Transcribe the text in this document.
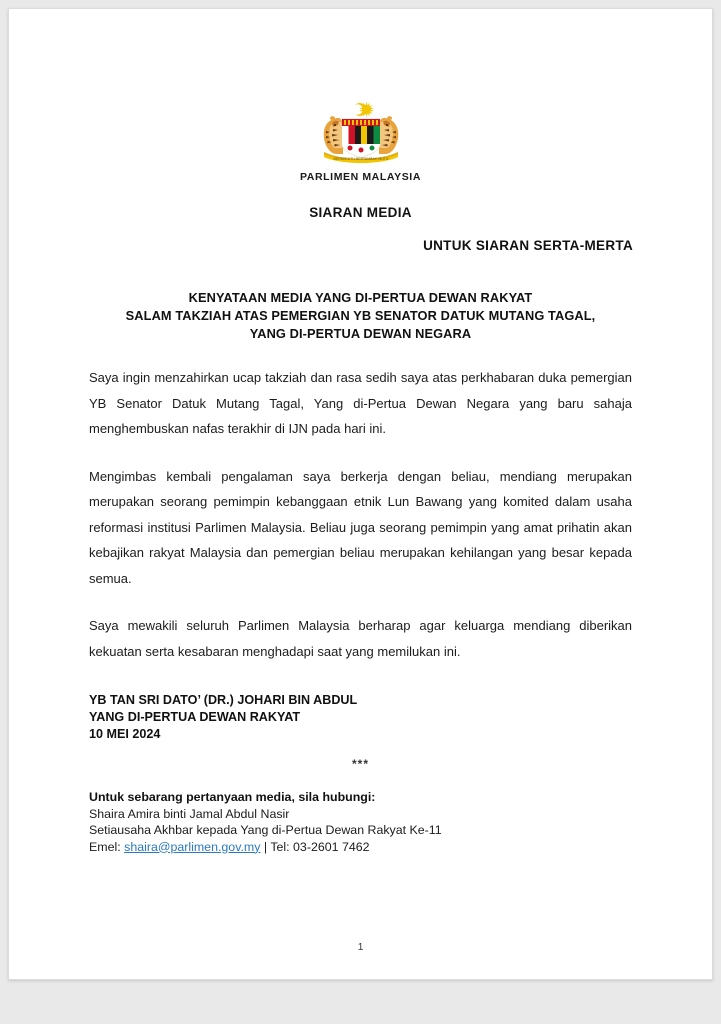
BERSEKUTU BERTAMBAH MUTU
PARLIMEN MALAYSIA
SIARAN MEDIA
UNTUK SIARAN SERTA-MERTA
KENYATAAN MEDIA YANG DI-PERTUA DEWAN RAKYAT
SALAM TAKZIAH ATAS PEMERGIAN YB SENATOR DATUK MUTANG TAGAL,
YANG DI-PERTUA DEWAN NEGARA

Saya ingin menzahirkan ucap takziah dan rasa sedih saya atas perkhabaran duka pemergian YB Senator Datuk Mutang Tagal, Yang di-Pertua Dewan Negara yang baru sahaja menghembuskan nafas terakhir di IJN pada hari ini.

Mengimbas kembali pengalaman saya berkerja dengan beliau, mendiang merupakan merupakan seorang pemimpin kebanggaan etnik Lun Bawang yang komited dalam usaha reformasi institusi Parlimen Malaysia. Beliau juga seorang pemimpin yang amat prihatin akan kebajikan rakyat Malaysia dan pemergian beliau merupakan kehilangan yang besar kepada semua.

Saya mewakili seluruh Parlimen Malaysia berharap agar keluarga mendiang diberikan kekuatan serta kesabaran menghadapi saat yang memilukan ini.

YB TAN SRI DATO’ (DR.) JOHARI BIN ABDUL
YANG DI-PERTUA DEWAN RAKYAT
10 MEI 2024
***
Untuk sebarang pertanyaan media, sila hubungi:
Shaira Amira binti Jamal Abdul Nasir
Setiausaha Akhbar kepada Yang di-Pertua Dewan Rakyat Ke-11
Emel: shaira@parlimen.gov.my | Tel: 03-2601 7462
1
